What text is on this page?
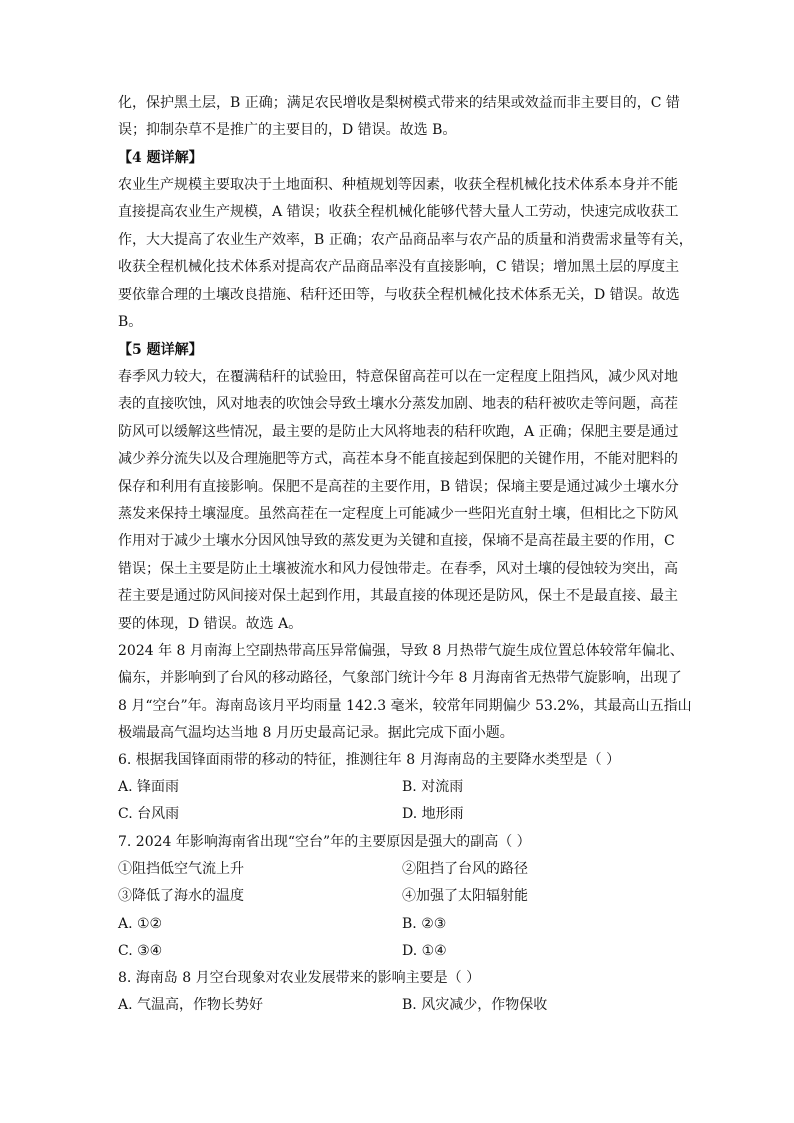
化，保护黑土层，B 正确；满足农民增收是梨树模式带来的结果或效益而非主要目的，C 错
误；抑制杂草不是推广的主要目的，D 错误。故选 B。
【4 题详解】
农业生产规模主要取决于土地面积、种植规划等因素，收获全程机械化技术体系本身并不能
直接提高农业生产规模，A 错误；收获全程机械化能够代替大量人工劳动，快速完成收获工
作，大大提高了农业生产效率，B 正确；农产品商品率与农产品的质量和消费需求量等有关，
收获全程机械化技术体系对提高农产品商品率没有直接影响，C 错误；增加黑土层的厚度主
要依靠合理的土壤改良措施、秸秆还田等，与收获全程机械化技术体系无关，D 错误。故选
B。
【5 题详解】
春季风力较大，在覆满秸秆的试验田，特意保留高茬可以在一定程度上阻挡风，减少风对地
表的直接吹蚀，风对地表的吹蚀会导致土壤水分蒸发加剧、地表的秸秆被吹走等问题，高茬
防风可以缓解这些情况，最主要的是防止大风将地表的秸秆吹跑，A 正确；保肥主要是通过
减少养分流失以及合理施肥等方式，高茬本身不能直接起到保肥的关键作用，不能对肥料的
保存和利用有直接影响。保肥不是高茬的主要作用，B 错误；保墒主要是通过减少土壤水分
蒸发来保持土壤湿度。虽然高茬在一定程度上可能减少一些阳光直射土壤，但相比之下防风
作用对于减少土壤水分因风蚀导致的蒸发更为关键和直接，保墒不是高茬最主要的作用，C
错误；保土主要是防止土壤被流水和风力侵蚀带走。在春季，风对土壤的侵蚀较为突出，高
茬主要是通过防风间接对保土起到作用，其最直接的体现还是防风，保土不是最直接、最主
要的体现，D 错误。故选 A。
2024 年 8 月南海上空副热带高压异常偏强，导致 8 月热带气旋生成位置总体较常年偏北、
偏东，并影响到了台风的移动路径，气象部门统计今年 8 月海南省无热带气旋影响，出现了
8 月“空台”年。海南岛该月平均雨量 142.3 毫米，较常年同期偏少 53.2%，其最高山五指山
极端最高气温均达当地 8 月历史最高记录。据此完成下面小题。
6. 根据我国锋面雨带的移动的特征，推测往年 8 月海南岛的主要降水类型是（ ）
A. 锋面雨	B. 对流雨
C. 台风雨	D. 地形雨
7. 2024 年影响海南省出现“空台”年的主要原因是强大的副高（ ）
①阻挡低空气流上升	②阻挡了台风的路径
③降低了海水的温度	④加强了太阳辐射能
A. ①②	B. ②③
C. ③④	D. ①④
8. 海南岛 8 月空台现象对农业发展带来的影响主要是（ ）
A. 气温高，作物长势好	B. 风灾减少，作物保收
